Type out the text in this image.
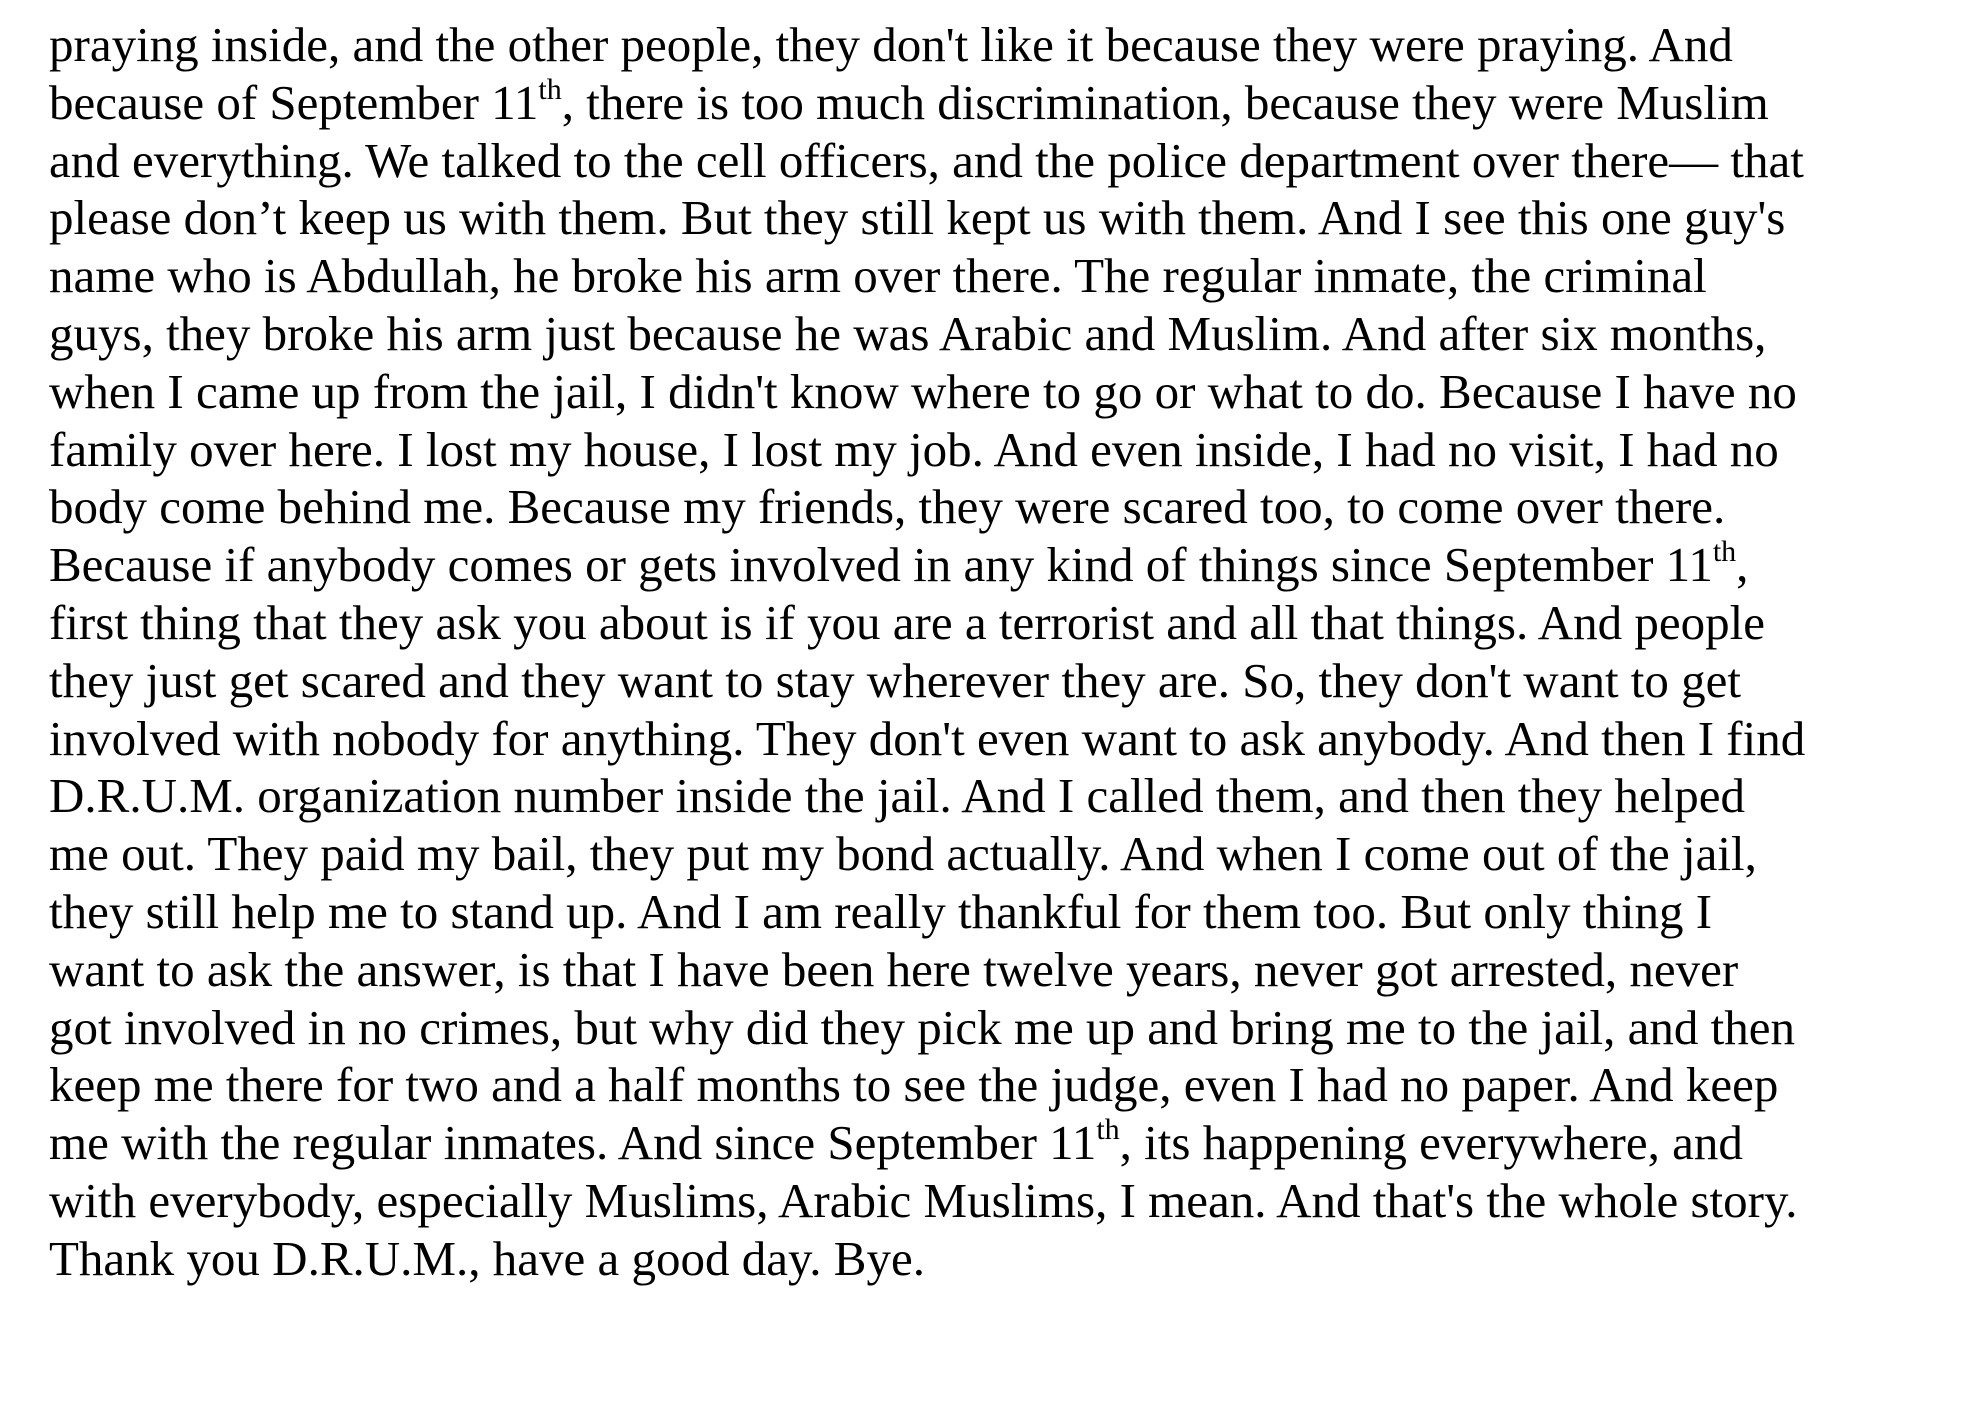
praying inside, and the other people, they don't like it because they were praying. And
because of September 11th, there is too much discrimination, because they were Muslim
and everything. We talked to the cell officers, and the police department over there— that
please don’t keep us with them. But they still kept us with them. And I see this one guy's
name who is Abdullah, he broke his arm over there. The regular inmate, the criminal
guys, they broke his arm just because he was Arabic and Muslim. And after six months,
when I came up from the jail, I didn't know where to go or what to do. Because I have no
family over here. I lost my house, I lost my job. And even inside, I had no visit, I had no
body come behind me. Because my friends, they were scared too, to come over there.
Because if anybody comes or gets involved in any kind of things since September 11th,
first thing that they ask you about is if you are a terrorist and all that things. And people
they just get scared and they want to stay wherever they are. So, they don't want to get
involved with nobody for anything. They don't even want to ask anybody. And then I find
D.R.U.M. organization number inside the jail. And I called them, and then they helped
me out. They paid my bail, they put my bond actually. And when I come out of the jail,
they still help me to stand up. And I am really thankful for them too. But only thing I
want to ask the answer, is that I have been here twelve years, never got arrested, never
got involved in no crimes, but why did they pick me up and bring me to the jail, and then
keep me there for two and a half months to see the judge, even I had no paper. And keep
me with the regular inmates. And since September 11th, its happening everywhere, and
with everybody, especially Muslims, Arabic Muslims, I mean. And that's the whole story.
Thank you D.R.U.M., have a good day. Bye.
